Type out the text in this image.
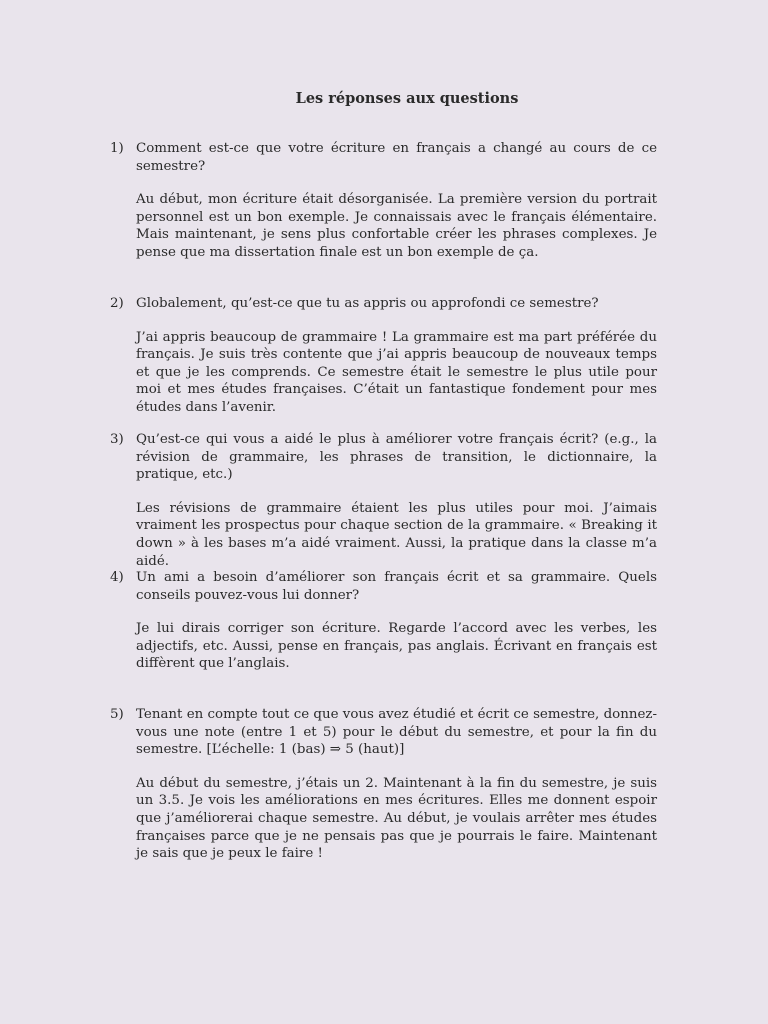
Les réponses aux questions
1) Comment est-ce que votre écriture en français a changé au cours de ce semestre?
Au début, mon écriture était désorganisée. La première version du portrait personnel est un bon exemple. Je connaissais avec le français élémentaire. Mais maintenant, je sens plus confortable créer les phrases complexes. Je pense que ma dissertation finale est un bon exemple de ça.
2) Globalement, qu’est-ce que tu as appris ou approfondi ce semestre?
J’ai appris beaucoup de grammaire ! La grammaire est ma part préférée du français. Je suis très contente que j’ai appris beaucoup de nouveaux temps et que je les comprends. Ce semestre était le semestre le plus utile pour moi et mes études françaises. C’était un fantastique fondement pour mes études dans l’avenir.
3) Qu’est-ce qui vous a aidé le plus à améliorer votre français écrit? (e.g., la révision de grammaire, les phrases de transition, le dictionnaire, la pratique, etc.)
Les révisions de grammaire étaient les plus utiles pour moi. J’aimais vraiment les prospectus pour chaque section de la grammaire. « Breaking it down » à les bases m’a aidé vraiment. Aussi, la pratique dans la classe m’a aidé.
4) Un ami a besoin d’améliorer son français écrit et sa grammaire. Quels conseils pouvez-vous lui donner?
Je lui dirais corriger son écriture. Regarde l’accord avec les verbes, les adjectifs, etc. Aussi, pense en français, pas anglais. Écrivant en français est diffèrent que l’anglais.
5) Tenant en compte tout ce que vous avez étudié et écrit ce semestre, donnez-vous une note (entre 1 et 5) pour le début du semestre, et pour la fin du semestre. [L’échelle: 1 (bas) ⇒ 5 (haut)]
Au début du semestre, j’étais un 2. Maintenant à la fin du semestre, je suis un 3.5. Je vois les améliorations en mes écritures. Elles me donnent espoir que j’améliorerai chaque semestre. Au début, je voulais arrêter mes études françaises parce que je ne pensais pas que je pourrais le faire. Maintenant je sais que je peux le faire !
